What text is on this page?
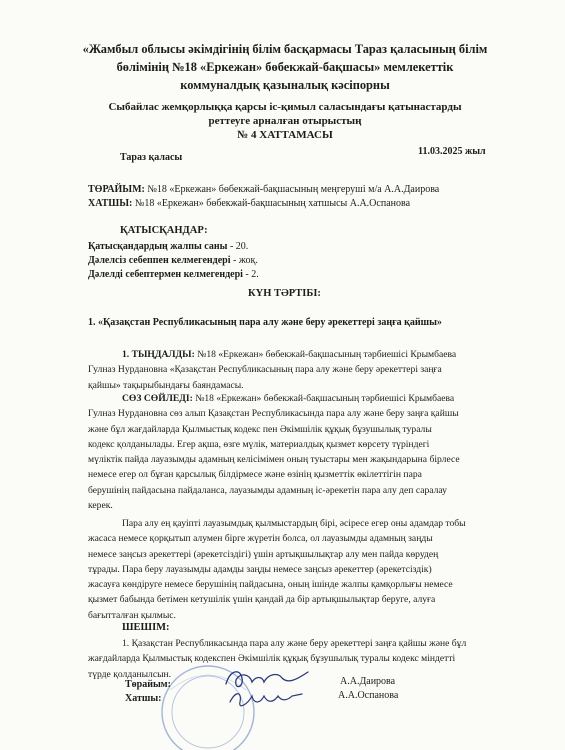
«Жамбыл облысы әкімдігінің білім басқармасы Тараз қаласының білім
бөлімінің №18 «Еркежан» бөбекжай-бақшасы» мемлекеттік
коммуналдық қазыналық кәсіпорны
Сыбайлас жемқорлыққа қарсы іс-қимыл саласындағы қатынастарды
реттеуге арналған отырыстың
№ 4 ХАТТАМАСЫ
Тараз қаласы
11.03.2025 жыл
ТӨРАЙЫМ: №18 «Еркежан» бөбекжай-бақшасының меңгеруші м/а А.А.Даирова
ХАТШЫ: №18 «Еркежан» бөбекжай-бақшасының хатшысы А.А.Оспанова
ҚАТЫСҚАНДАР:
Қатысқандардың жалпы саны - 20.
Дәлелсіз себеппен келмегендері - жоқ.
Дәлелді себептермен келмегендері - 2.
КҮН ТӘРТІБІ:
1. «Қазақстан Республикасының пара алу және беру әрекеттері заңға қайшы»
1. ТЫҢДАЛДЫ: №18 «Еркежан» бөбекжай-бақшасының тәрбиешісі Крымбаева
Гулназ Нурдановна «Қазақстан Республикасының пара алу және беру әрекеттері заңға
қайшы» тақырыбындағы баяндамасы.
СӨЗ СӨЙЛЕДІ: №18 «Еркежан» бөбекжай-бақшасының тәрбиешісі Крымбаева
Гулназ Нурдановна сөз алып Қазақстан Республикасында пара алу және беру заңға қайшы
және бұл жағдайларда Қылмыстық кодекс пен Әкімшілік құқық бұзушылық туралы
кодекс қолданылады. Егер ақша, өзге мүлік, материалдық қызмет көрсету түріндегі
мүліктік пайда лауазымды адамның келісімімен оның туыстары мен жақындарына бірлесе
немесе егер ол бұған қарсылық білдірмесе және өзінің қызметтік өкілеттігін пара
берушінің пайдасына пайдаланса, лауазымды адамның іс-әрекетін пара алу деп саралау
керек.
Пара алу ең қауіпті лауазымдық қылмыстардың бірі, әсіресе егер оны адамдар тобы
жасаса немесе қорқытып алумен бірге жүретін болса, ол лауазымды адамның заңды
немесе заңсыз әрекеттері (әрекетсіздігі) үшін артықшылықтар алу мен пайда көрудең
тұрады. Пара беру лауазымды адамды заңды немесе заңсыз әрекеттер (әрекетсіздік)
жасауға көндіруге немесе берушінің пайдасына, оның ішінде жалпы қамқорлығы немесе
қызмет бабында бетімен кетушілік үшін қандай да бір артықшылықтар беруге, алуға
бағытталған қылмыс.
ШЕШІМ:
1. Қазақстан Республикасында пара алу және беру әрекеттері заңға қайшы және бұл
жағдайларда Қылмыстық кодекспен Әкімшілік құқық бұзушылық туралы кодекс міндетті
түрде қолданылсын.
Төрайым:	А.А.Даирова
Хатшы:	А.А.Оспанова
